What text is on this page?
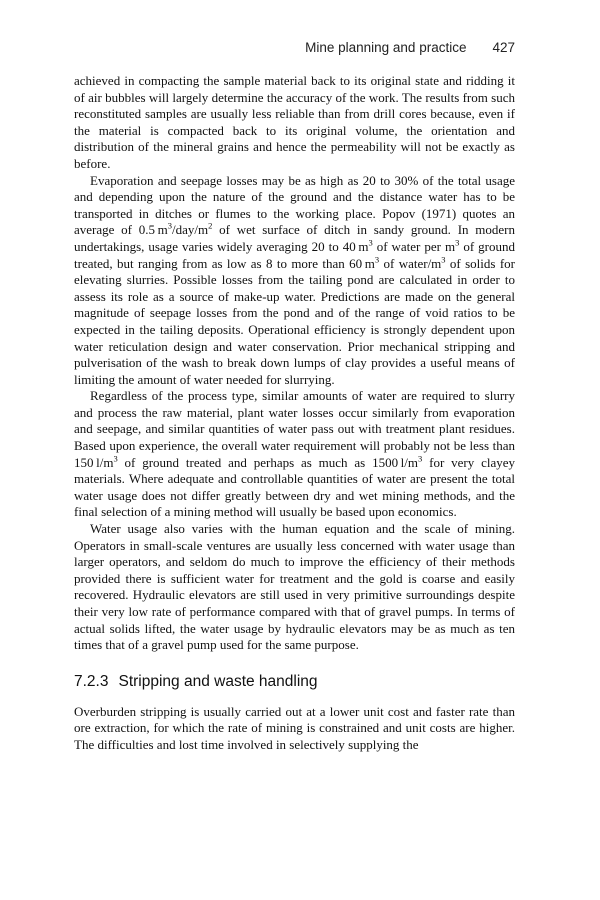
Mine planning and practice 427

achieved in compacting the sample material back to its original state and ridding it of air bubbles will largely determine the accuracy of the work. The results from such reconstituted samples are usually less reliable than from drill cores because, even if the material is compacted back to its original volume, the orientation and distribution of the mineral grains and hence the permeability will not be exactly as before.

Evaporation and seepage losses may be as high as 20 to 30% of the total usage and depending upon the nature of the ground and the distance water has to be transported in ditches or flumes to the working place. Popov (1971) quotes an average of 0.5 $m^3/day/m^2$ of wet surface of ditch in sandy ground. In modern undertakings, usage varies widely averaging 20 to 40 $m^3$ of water per $m^3$ of ground treated, but ranging from as low as 8 to more than 60 $m^3$ of water/$m^3$ of solids for elevating slurries. Possible losses from the tailing pond are calculated in order to assess its role as a source of make-up water. Predictions are made on the general magnitude of seepage losses from the pond and of the range of void ratios to be expected in the tailing deposits. Operational efficiency is strongly dependent upon water reticulation design and water conservation. Prior mechanical stripping and pulverisation of the wash to break down lumps of clay provides a useful means of limiting the amount of water needed for slurrying.

Regardless of the process type, similar amounts of water are required to slurry and process the raw material, plant water losses occur similarly from evaporation and seepage, and similar quantities of water pass out with treatment plant residues. Based upon experience, the overall water requirement will probably not be less than 150 $l/m^3$ of ground treated and perhaps as much as 1500 $l/m^3$ for very clayey materials. Where adequate and controllable quantities of water are present the total water usage does not differ greatly between dry and wet mining methods, and the final selection of a mining method will usually be based upon economics.

Water usage also varies with the human equation and the scale of mining. Operators in small-scale ventures are usually less concerned with water usage than larger operators, and seldom do much to improve the efficiency of their methods provided there is sufficient water for treatment and the gold is coarse and easily recovered. Hydraulic elevators are still used in very primitive surroundings despite their very low rate of performance compared with that of gravel pumps. In terms of actual solids lifted, the water usage by hydraulic elevators may be as much as ten times that of a gravel pump used for the same purpose.

7.2.3 Stripping and waste handling

Overburden stripping is usually carried out at a lower unit cost and faster rate than ore extraction, for which the rate of mining is constrained and unit costs are higher. The difficulties and lost time involved in selectively supplying the
